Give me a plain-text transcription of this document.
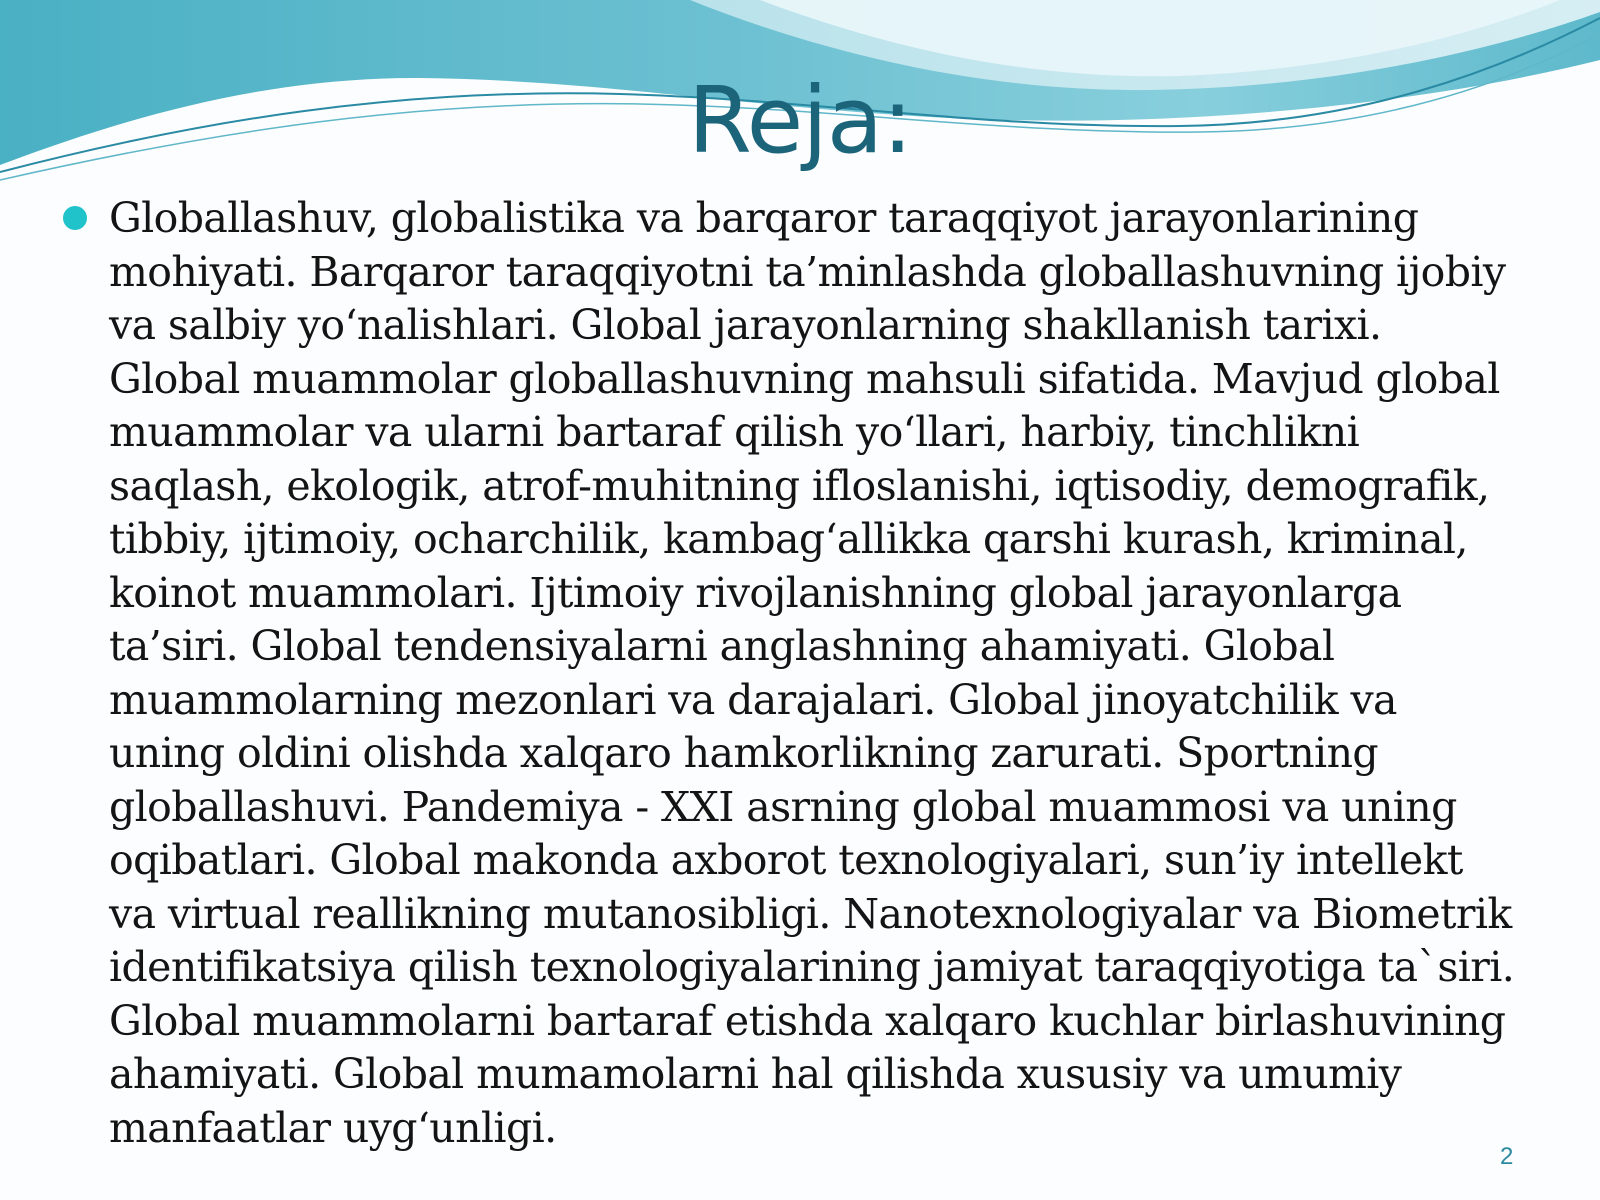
Reja:
Globallashuv, globalistika va barqaror taraqqiyot jarayonlarining mohiyati. Barqaror taraqqiyotni ta’minlashda globallashuvning ijobiy va salbiy yo‘nalishlari. Global jarayonlarning shakllanish tarixi. Global muammolar globallashuvning mahsuli sifatida. Mavjud global muammolar va ularni bartaraf qilish yo‘llari, harbiy, tinchlikni saqlash, ekologik, atrof-muhitning ifloslanishi, iqtisodiy, demografik, tibbiy, ijtimoiy, ocharchilik, kambag‘allikka qarshi kurash, kriminal, koinot muammolari. Ijtimoiy rivojlanishning global jarayonlarga ta’siri. Global tendensiyalarni anglashning ahamiyati. Global muammolarning mezonlari va darajalari. Global jinoyatchilik va uning oldini olishda xalqaro hamkorlikning zarurati. Sportning globallashuvi. Pandemiya - XXI asrning global muammosi va uning oqibatlari. Global makonda axborot texnologiyalari, sun’iy intellekt va virtual reallikning mutanosibligi. Nanotexnologiyalar va Biometrik identifikatsiya qilish texnologiyalarining jamiyat taraqqiyotiga ta`siri. Global muammolarni bartaraf etishda xalqaro kuchlar birlashuvining ahamiyati. Global mumamolarni hal qilishda xususiy va umumiy manfaatlar uyg‘unligi.
2
